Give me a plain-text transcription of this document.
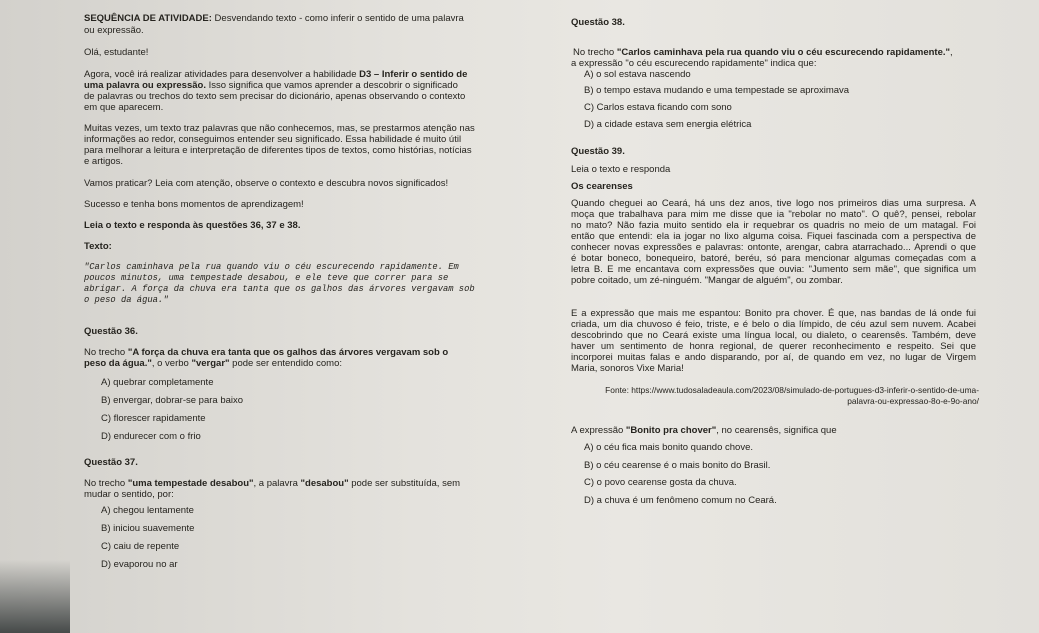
SEQUÊNCIA DE ATIVIDADE: Desvendando texto - como inferir o sentido de uma palavra
ou expressão.
Olá, estudante!
Agora, você irá realizar atividades para desenvolver a habilidade D3 – Inferir o sentido de
uma palavra ou expressão. Isso significa que vamos aprender a descobrir o significado
de palavras ou trechos do texto sem precisar do dicionário, apenas observando o contexto
em que aparecem.
Muitas vezes, um texto traz palavras que não conhecemos, mas, se prestarmos atenção nas
informações ao redor, conseguimos entender seu significado. Essa habilidade é muito útil
para melhorar a leitura e interpretação de diferentes tipos de textos, como histórias, notícias
e artigos.
Vamos praticar? Leia com atenção, observe o contexto e descubra novos significados!
Sucesso e tenha bons momentos de aprendizagem!
Leia o texto e responda às questões 36, 37 e 38.
Texto:
"Carlos caminhava pela rua quando viu o céu escurecendo rapidamente. Em
poucos minutos, uma tempestade desabou, e ele teve que correr para se
abrigar. A força da chuva era tanta que os galhos das árvores vergavam sob
o peso da água."
Questão 36.
No trecho "A força da chuva era tanta que os galhos das árvores vergavam sob o
peso da água.", o verbo "vergar" pode ser entendido como:
A) quebrar completamente
B) envergar, dobrar-se para baixo
C) florescer rapidamente
D) endurecer com o frio
Questão 37.
No trecho "uma tempestade desabou", a palavra "desabou" pode ser substituída, sem
mudar o sentido, por:
A) chegou lentamente
B) iniciou suavemente
C) caiu de repente
D) evaporou no ar
Questão 38.
No trecho "Carlos caminhava pela rua quando viu o céu escurecendo rapidamente.",
a expressão "o céu escurecendo rapidamente" indica que:
A) o sol estava nascendo
B) o tempo estava mudando e uma tempestade se aproximava
C) Carlos estava ficando com sono
D) a cidade estava sem energia elétrica
Questão 39.
Leia o texto e responda
Os cearenses
Quando cheguei ao Ceará, há uns dez anos, tive logo nos primeiros dias uma surpresa. A
moça que trabalhava para mim me disse que ia "rebolar no mato". O quê?, pensei, rebolar
no mato? Não fazia muito sentido ela ir requebrar os quadris no meio de um matagal. Foi
então que entendi: ela ia jogar no lixo alguma coisa. Fiquei fascinada com a perspectiva de
conhecer novas expressões e palavras: ontonte, arengar, cabra atarrachado... Aprendi o que
é botar boneco, bonequeiro, batoré, beréu, só para mencionar algumas começadas com a
letra B. E me encantava com expressões que ouvia: "Jumento sem mãe", que significa um
pobre coitado, um zé-ninguém. "Mangar de alguém", ou zombar.
E a expressão que mais me espantou: Bonito pra chover. É que, nas bandas de lá onde fui
criada, um dia chuvoso é feio, triste, e é belo o dia límpido, de céu azul sem nuvem. Acabei
descobrindo que no Ceará existe uma língua local, ou dialeto, o cearensês. Também, deve
haver um sentimento de honra regional, de querer reconhecimento e respeito. Sei que
incorporei muitas falas e ando disparando, por aí, de quando em vez, no lugar de Virgem
Maria, sonoros Vixe Maria!
Fonte: https://www.tudosaladeaula.com/2023/08/simulado-de-portugues-d3-inferir-o-sentido-de-uma-
palavra-ou-expressao-8o-e-9o-ano/
A expressão "Bonito pra chover", no cearensês, significa que
A) o céu fica mais bonito quando chove.
B) o céu cearense é o mais bonito do Brasil.
C) o povo cearense gosta da chuva.
D) a chuva é um fenômeno comum no Ceará.
